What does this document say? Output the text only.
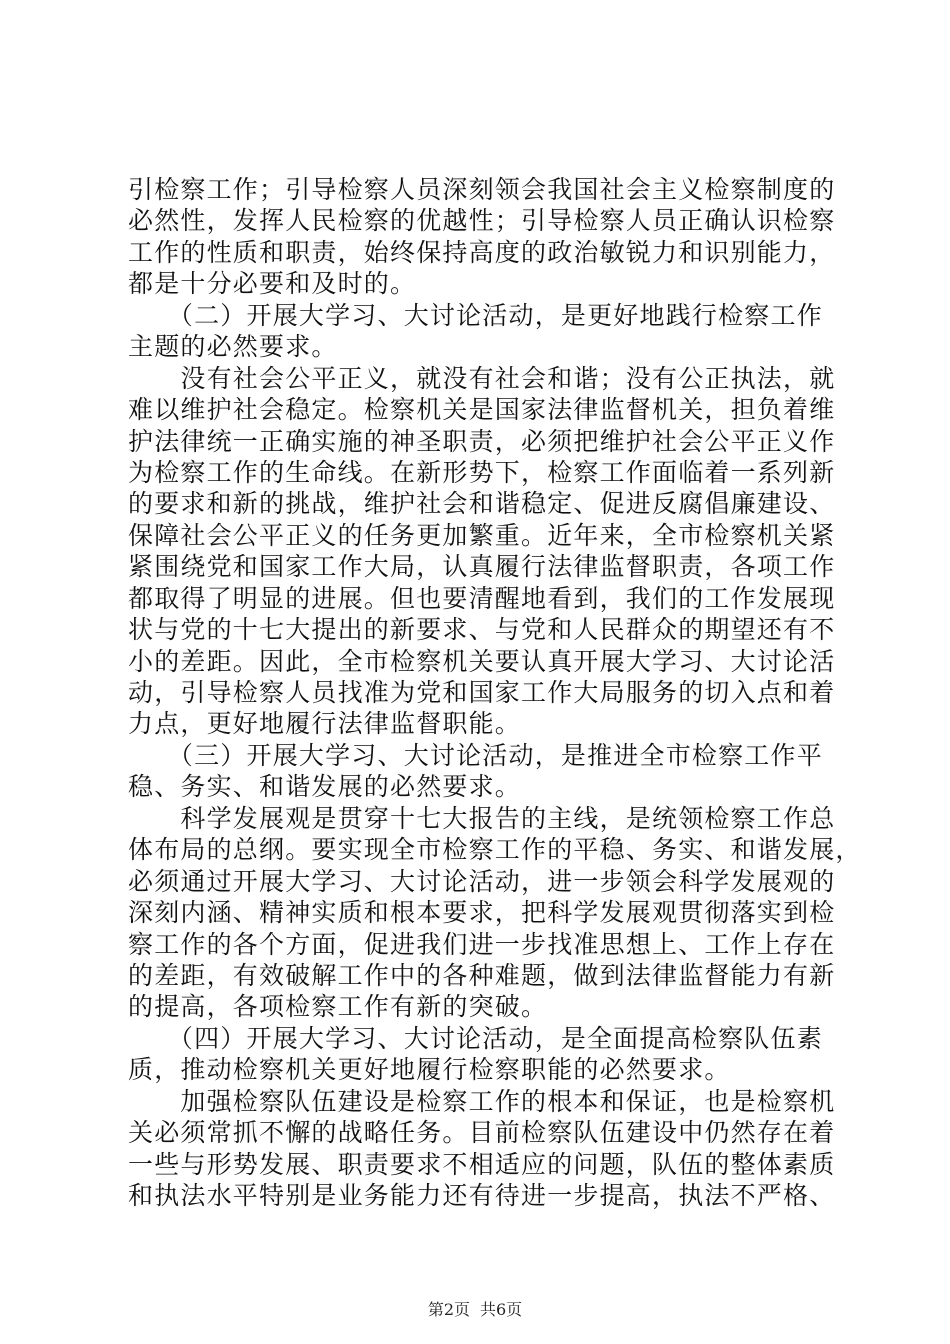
引检察工作；引导检察人员深刻领会我国社会主义检察制度的
必然性，发挥人民检察的优越性；引导检察人员正确认识检察
工作的性质和职责，始终保持高度的政治敏锐力和识别能力，
都是十分必要和及时的。
　　（二）开展大学习、大讨论活动，是更好地践行检察工作
主题的必然要求。
　　没有社会公平正义，就没有社会和谐；没有公正执法，就
难以维护社会稳定。检察机关是国家法律监督机关，担负着维
护法律统一正确实施的神圣职责，必须把维护社会公平正义作
为检察工作的生命线。在新形势下，检察工作面临着一系列新
的要求和新的挑战，维护社会和谐稳定、促进反腐倡廉建设、
保障社会公平正义的任务更加繁重。近年来，全市检察机关紧
紧围绕党和国家工作大局，认真履行法律监督职责，各项工作
都取得了明显的进展。但也要清醒地看到，我们的工作发展现
状与党的十七大提出的新要求、与党和人民群众的期望还有不
小的差距。因此，全市检察机关要认真开展大学习、大讨论活
动，引导检察人员找准为党和国家工作大局服务的切入点和着
力点，更好地履行法律监督职能。
　　（三）开展大学习、大讨论活动，是推进全市检察工作平
稳、务实、和谐发展的必然要求。
　　科学发展观是贯穿十七大报告的主线，是统领检察工作总
体布局的总纲。要实现全市检察工作的平稳、务实、和谐发展，
必须通过开展大学习、大讨论活动，进一步领会科学发展观的
深刻内涵、精神实质和根本要求，把科学发展观贯彻落实到检
察工作的各个方面，促进我们进一步找准思想上、工作上存在
的差距，有效破解工作中的各种难题，做到法律监督能力有新
的提高，各项检察工作有新的突破。
　　（四）开展大学习、大讨论活动，是全面提高检察队伍素
质，推动检察机关更好地履行检察职能的必然要求。
　　加强检察队伍建设是检察工作的根本和保证，也是检察机
关必须常抓不懈的战略任务。目前检察队伍建设中仍然存在着
一些与形势发展、职责要求不相适应的问题，队伍的整体素质
和执法水平特别是业务能力还有待进一步提高，执法不严格、
第2页 共6页
